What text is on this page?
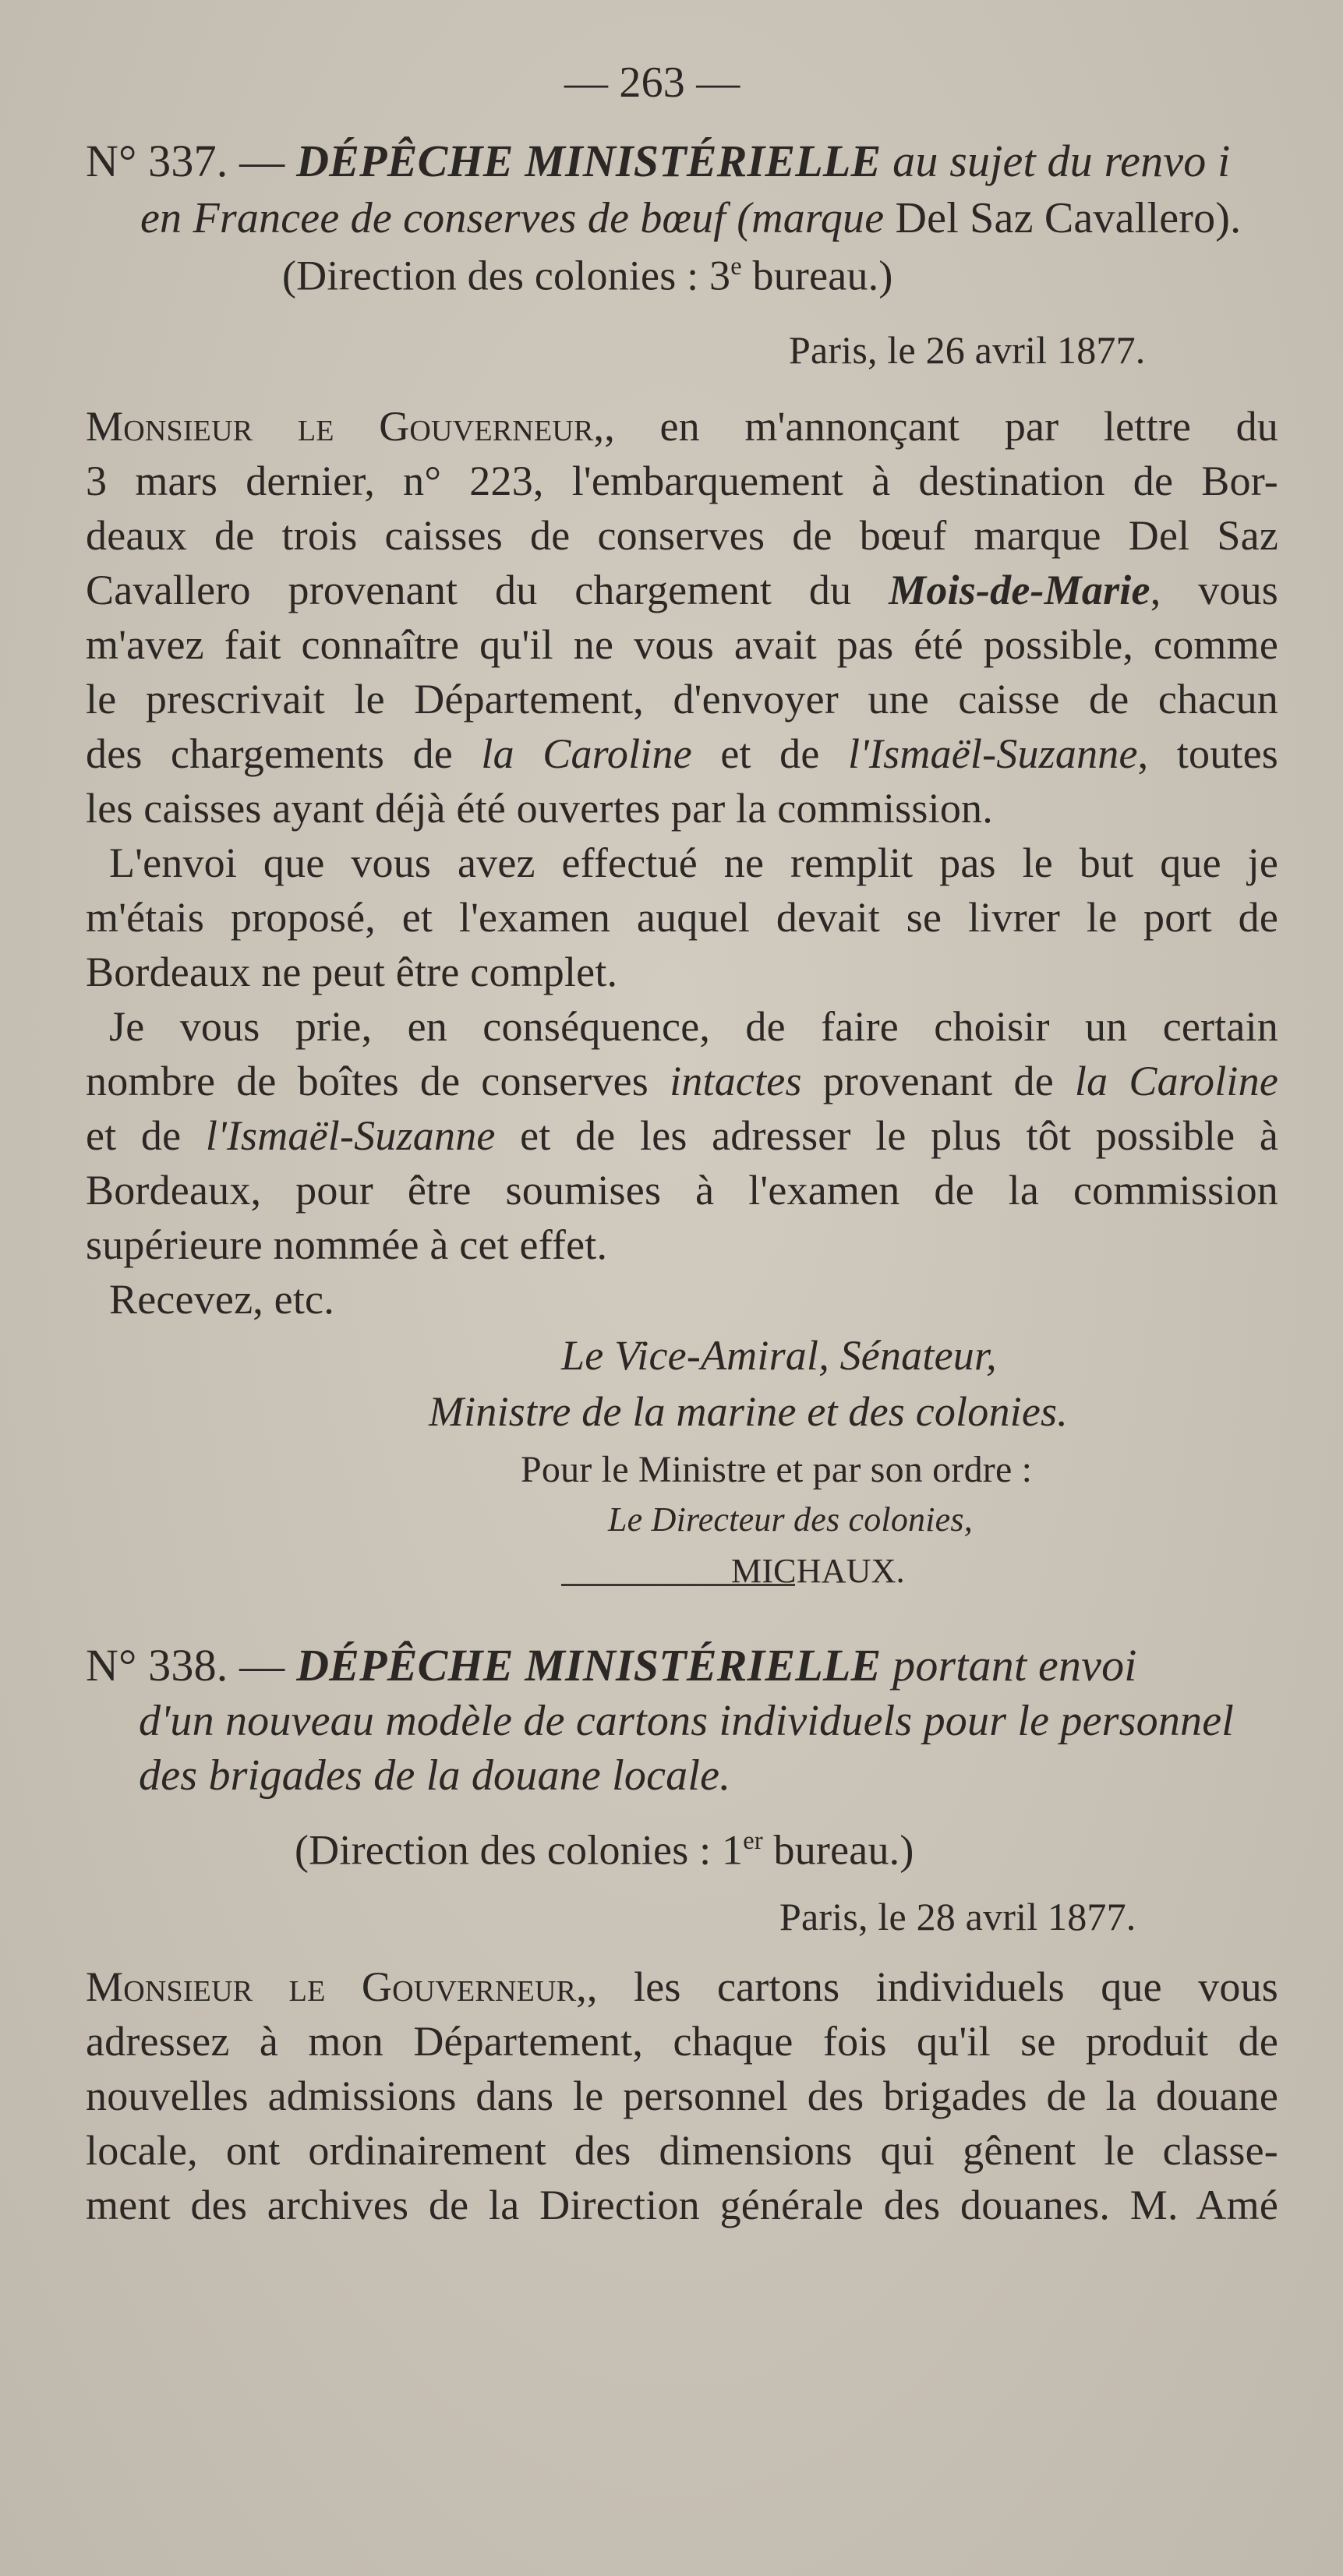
— 263 —
N° 337. — DÉPÊCHE MINISTÉRIELLE au sujet du renvo i
en Francee de conserves de bœuf (marque Del Saz Cavallero).
(Direction des colonies : 3e bureau.)
Paris, le 26 avril 1877.
Monsieur le Gouverneur,, en m'annonçant par lettre du
3 mars dernier, n° 223, l'embarquement à destination de Bor-
deaux de trois caisses de conserves de bœuf marque Del Saz
Cavallero provenant du chargement du Mois-de-Marie, vous
m'avez fait connaître qu'il ne vous avait pas été possible, comme
le prescrivait le Département, d'envoyer une caisse de chacun
des chargements de la Caroline et de l'Ismaël-Suzanne, toutes
les caisses ayant déjà été ouvertes par la commission.
L'envoi que vous avez effectué ne remplit pas le but que je
m'étais proposé, et l'examen auquel devait se livrer le port de
Bordeaux ne peut être complet.
Je vous prie, en conséquence, de faire choisir un certain
nombre de boîtes de conserves intactes provenant de la Caroline
et de l'Ismaël-Suzanne et de les adresser le plus tôt possible à
Bordeaux, pour être soumises à l'examen de la commission
supérieure nommée à cet effet.
Recevez, etc.
Le Vice-Amiral, Sénateur,
Ministre de la marine et des colonies.
Pour le Ministre et par son ordre :
Le Directeur des colonies,
MICHAUX.
N° 338. — DÉPÊCHE MINISTÉRIELLE portant envoi
d'un nouveau modèle de cartons individuels pour le personnel
des brigades de la douane locale.
(Direction des colonies : 1er bureau.)
Paris, le 28 avril 1877.
Monsieur le Gouverneur,, les cartons individuels que vous
adressez à mon Département, chaque fois qu'il se produit de
nouvelles admissions dans le personnel des brigades de la douane
locale, ont ordinairement des dimensions qui gênent le classe-
ment des archives de la Direction générale des douanes. M. Amé
